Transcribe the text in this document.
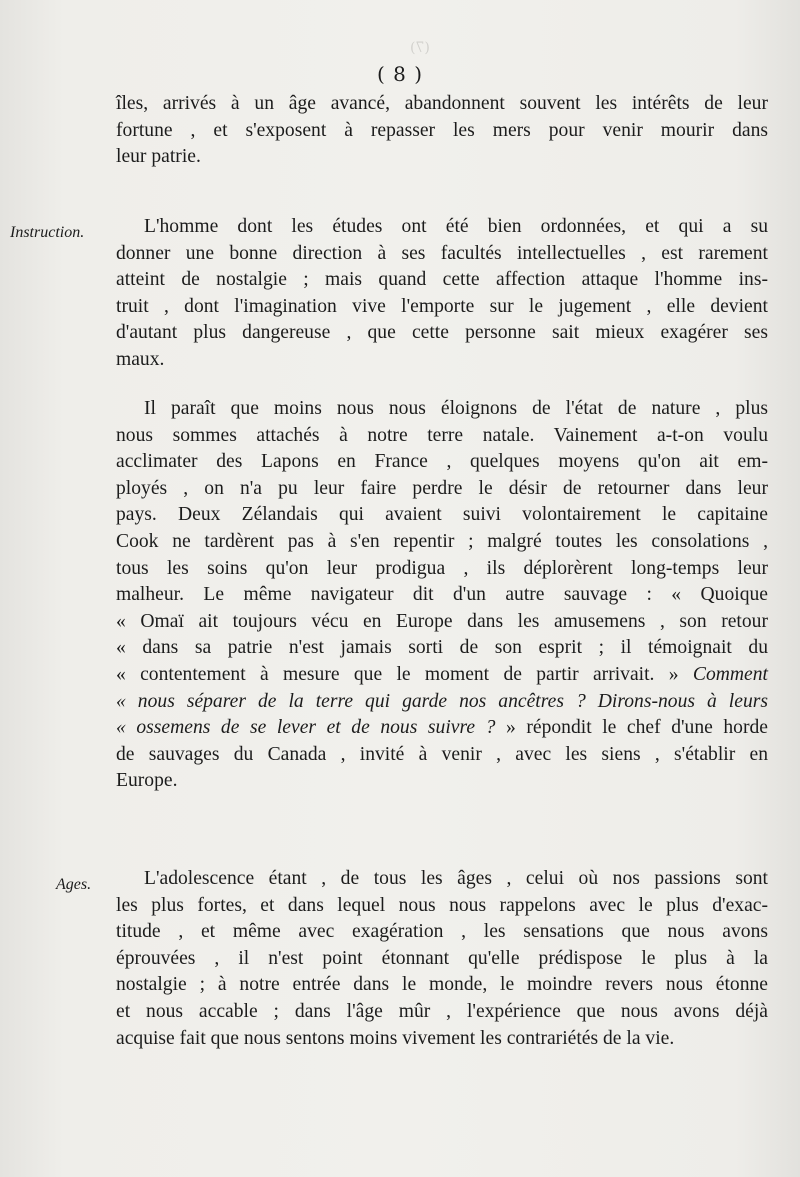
(7)
( 8 )
îles, arrivés à un âge avancé, abandonnent souvent les intérêts de leur
fortune , et s'exposent à repasser les mers pour venir mourir dans
leur patrie.
Instruction.	L'homme dont les études ont été bien ordonnées, et qui a su
donner une bonne direction à ses facultés intellectuelles , est rarement
atteint de nostalgie ; mais quand cette affection attaque l'homme ins-
truit , dont l'imagination vive l'emporte sur le jugement , elle devient
d'autant plus dangereuse , que cette personne sait mieux exagérer ses
maux.
Il paraît que moins nous nous éloignons de l'état de nature , plus
nous sommes attachés à notre terre natale. Vainement a-t-on voulu
acclimater des Lapons en France , quelques moyens qu'on ait em-
ployés , on n'a pu leur faire perdre le désir de retourner dans leur
pays. Deux Zélandais qui avaient suivi volontairement le capitaine
Cook ne tardèrent pas à s'en repentir ; malgré toutes les consolations ,
tous les soins qu'on leur prodigua , ils déplorèrent long-temps leur
malheur. Le même navigateur dit d'un autre sauvage : « Quoique
« Omaï ait toujours vécu en Europe dans les amusemens , son retour
« dans sa patrie n'est jamais sorti de son esprit ; il témoignait du
« contentement à mesure que le moment de partir arrivait. » Comment
« nous séparer de la terre qui garde nos ancêtres ? Dirons-nous à leurs
« ossemens de se lever et de nous suivre ? » répondit le chef d'une horde
de sauvages du Canada , invité à venir , avec les siens , s'établir en
Europe.
Ages.	L'adolescence étant , de tous les âges , celui où nos passions sont
les plus fortes, et dans lequel nous nous rappelons avec le plus d'exac-
titude , et même avec exagération , les sensations que nous avons
éprouvées , il n'est point étonnant qu'elle prédispose le plus à la
nostalgie ; à notre entrée dans le monde, le moindre revers nous étonne
et nous accable ; dans l'âge mûr , l'expérience que nous avons déjà
acquise fait que nous sentons moins vivement les contrariétés de la vie.
